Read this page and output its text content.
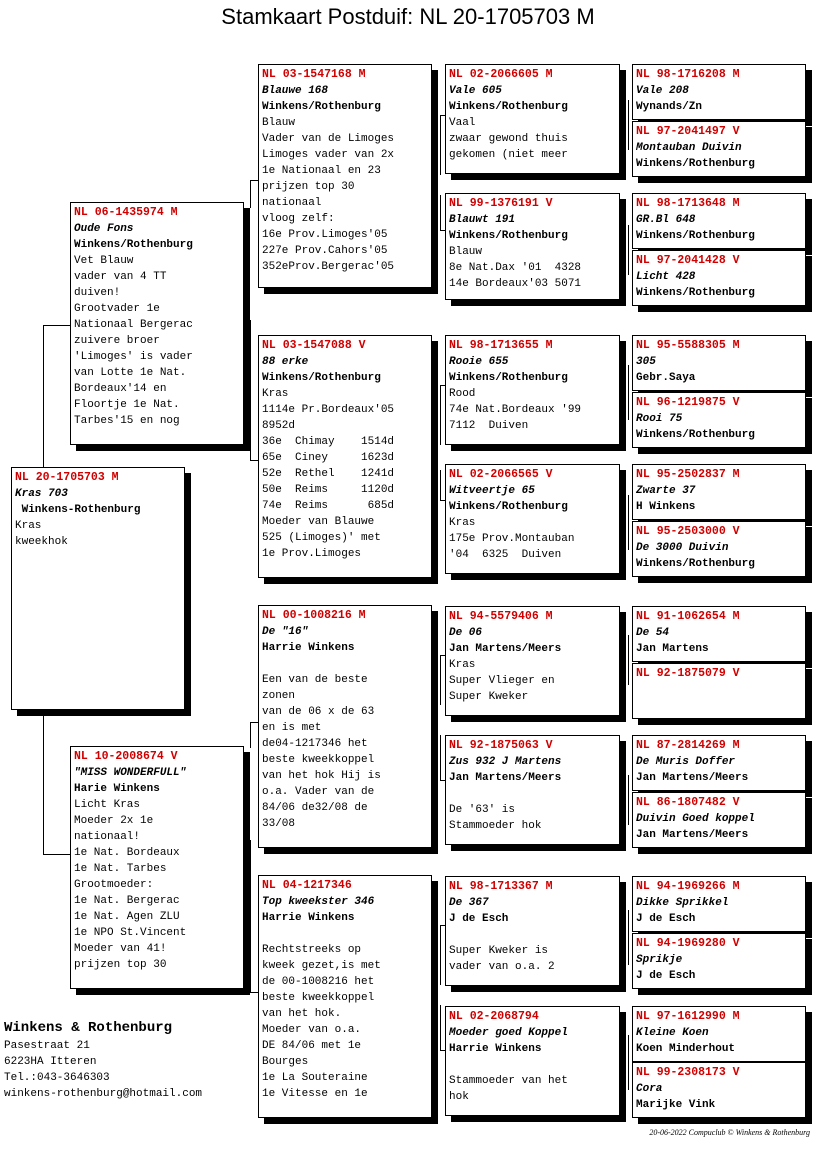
Stamkaart Postduif: NL 20-1705703 M
NL 20-1705703 M
Kras 703
Winkens-Rothenburg
Kras
kweekhok
NL 06-1435974 M
Oude Fons
Winkens/Rothenburg
Vet Blauw
vader van 4 TT
duiven!
Grootvader 1e
Nationaal Bergerac
zuivere broer
'Limoges' is vader
van Lotte 1e Nat.
Bordeaux'14 en
Floortje 1e Nat.
Tarbes'15 en nog
NL 10-2008674 V
"MISS WONDERFULL"
Harie Winkens
Licht Kras
Moeder 2x 1e
nationaal!
1e Nat. Bordeaux
1e Nat. Tarbes
Grootmoeder:
1e Nat. Bergerac
1e Nat. Agen ZLU
1e NPO St.Vincent
Moeder van 41!
prijzen top 30
NL 03-1547168 M
Blauwe 168
Winkens/Rothenburg
Blauw
Vader van de Limoges
Limoges vader van 2x
1e Nationaal en 23
prijzen top 30
nationaal
vloog zelf:
16e Prov.Limoges'05
227e Prov.Cahors'05
352eProv.Bergerac'05
NL 03-1547088 V
88 erke
Winkens/Rothenburg
Kras
1114e Pr.Bordeaux'05
8952d
36e  Chimay    1514d
65e  Ciney     1623d
52e  Rethel    1241d
50e  Reims     1120d
74e  Reims      685d
Moeder van Blauwe
525 (Limoges)' met
1e Prov.Limoges
NL 00-1008216 M
De "16"
Harrie Winkens
Een van de beste
zonen
van de 06 x de 63
en is met
de04-1217346 het
beste kweekkoppel
van het hok Hij is
o.a. Vader van de
84/06 de32/08 de
33/08
NL 04-1217346
Top kweekster 346
Harrie Winkens
Rechtstreeks op
kweek gezet,is met
de 00-1008216 het
beste kweekkoppel
van het hok.
Moeder van o.a.
DE 84/06 met 1e
Bourges
1e La Souteraine
1e Vitesse en 1e
NL 02-2066605 M
Vale 605
Winkens/Rothenburg
Vaal
zwaar gewond thuis
gekomen (niet meer
NL 99-1376191 V
Blauwt 191
Winkens/Rothenburg
Blauw
8e Nat.Dax '01  4328
14e Bordeaux'03 5071
NL 98-1713655 M
Rooie 655
Winkens/Rothenburg
Rood
74e Nat.Bordeaux '99
7112  Duiven
NL 02-2066565 V
Witveertje 65
Winkens/Rothenburg
Kras
175e Prov.Montauban
'04  6325  Duiven
NL 94-5579406 M
De 06
Jan Martens/Meers
Kras
Super Vlieger en
Super Kweker
NL 92-1875063 V
Zus 932 J Martens
Jan Martens/Meers
De '63' is
Stammoeder hok
NL 98-1713367 M
De 367
J de Esch
Super Kweker is
vader van o.a. 2
NL 02-2068794
Moeder goed Koppel
Harrie Winkens
Stammoeder van het
hok
NL 98-1716208 M
Vale 208
Wynands/Zn
NL 97-2041497 V
Montauban Duivin
Winkens/Rothenburg
NL 98-1713648 M
GR.Bl 648
Winkens/Rothenburg
NL 97-2041428 V
Licht 428
Winkens/Rothenburg
NL 95-5588305 M
305
Gebr.Saya
NL 96-1219875 V
Rooi 75
Winkens/Rothenburg
NL 95-2502837 M
Zwarte 37
H Winkens
NL 95-2503000 V
De 3000 Duivin
Winkens/Rothenburg
NL 91-1062654 M
De 54
Jan Martens
NL 92-1875079 V
NL 87-2814269 M
De Muris Doffer
Jan Martens/Meers
NL 86-1807482 V
Duivin Goed koppel
Jan Martens/Meers
NL 94-1969266 M
Dikke Sprikkel
J de Esch
NL 94-1969280 V
Sprikje
J de Esch
NL 97-1612990 M
Kleine Koen
Koen Minderhout
NL 99-2308173 V
Cora
Marijke Vink
Winkens & Rothenburg
Pasestraat 21
6223HA Itteren
Tel.:043-3646303
winkens-rothenburg@hotmail.com
20-06-2022 Compuclub © Winkens & Rothenburg
